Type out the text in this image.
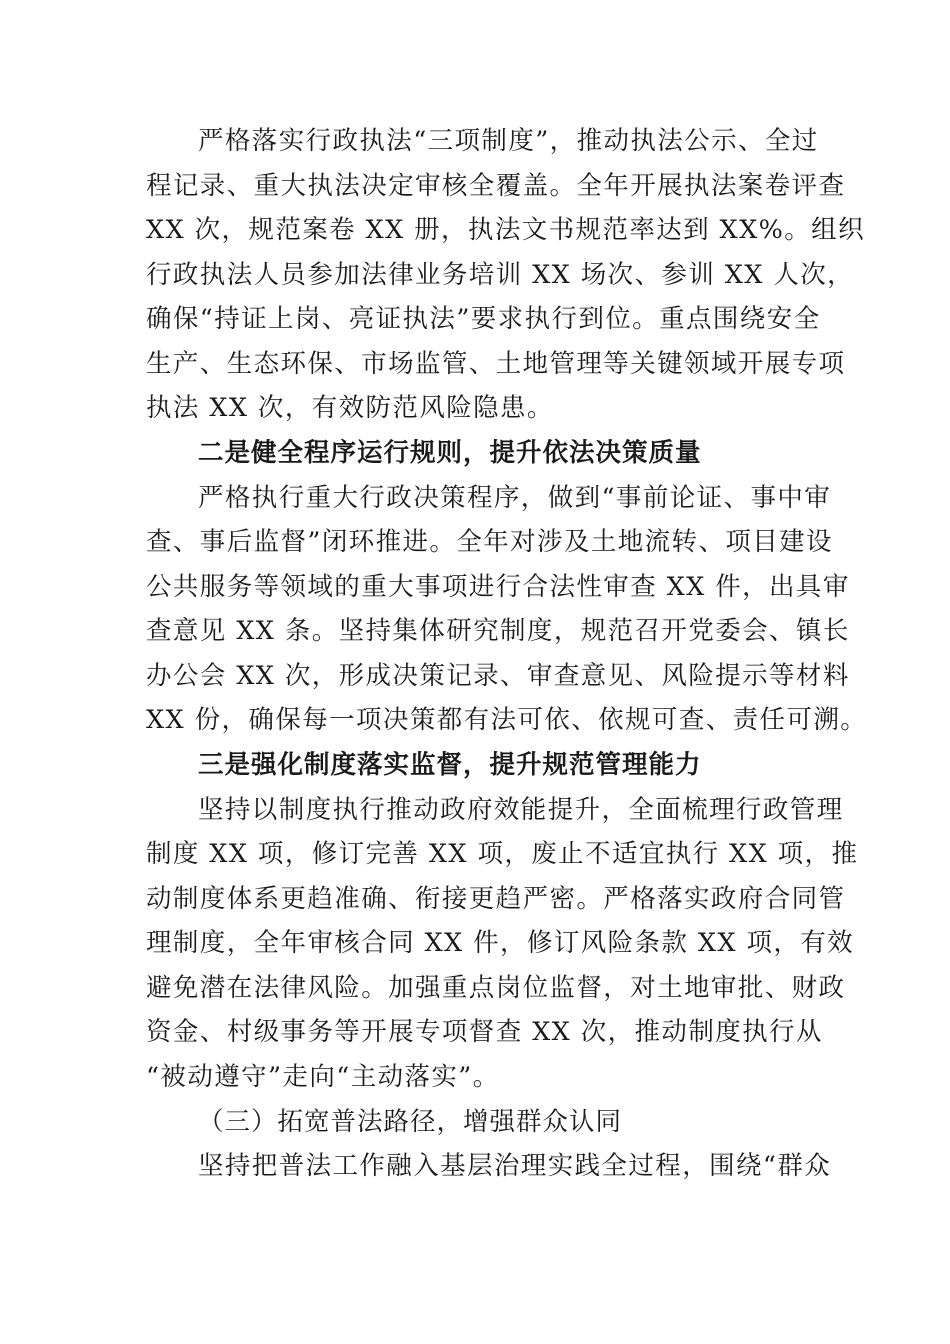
严格落实行政执法“三项制度”，推动执法公示、全过
程记录、重大执法决定审核全覆盖。全年开展执法案卷评查
XX 次，规范案卷 XX 册，执法文书规范率达到 XX%。组织
行政执法人员参加法律业务培训 XX 场次、参训 XX 人次，
确保“持证上岗、亮证执法”要求执行到位。重点围绕安全
生产、生态环保、市场监管、土地管理等关键领域开展专项
执法 XX 次，有效防范风险隐患。
二是健全程序运行规则，提升依法决策质量
严格执行重大行政决策程序，做到“事前论证、事中审
查、事后监督”闭环推进。全年对涉及土地流转、项目建设
公共服务等领域的重大事项进行合法性审查 XX 件，出具审
查意见 XX 条。坚持集体研究制度，规范召开党委会、镇长
办公会 XX 次，形成决策记录、审查意见、风险提示等材料
XX 份，确保每一项决策都有法可依、依规可查、责任可溯。
三是强化制度落实监督，提升规范管理能力
坚持以制度执行推动政府效能提升，全面梳理行政管理
制度 XX 项，修订完善 XX 项，废止不适宜执行 XX 项，推
动制度体系更趋准确、衔接更趋严密。严格落实政府合同管
理制度，全年审核合同 XX 件，修订风险条款 XX 项，有效
避免潜在法律风险。加强重点岗位监督，对土地审批、财政
资金、村级事务等开展专项督查 XX 次，推动制度执行从
“被动遵守”走向“主动落实”。
（三）拓宽普法路径，增强群众认同
坚持把普法工作融入基层治理实践全过程，围绕“群众
